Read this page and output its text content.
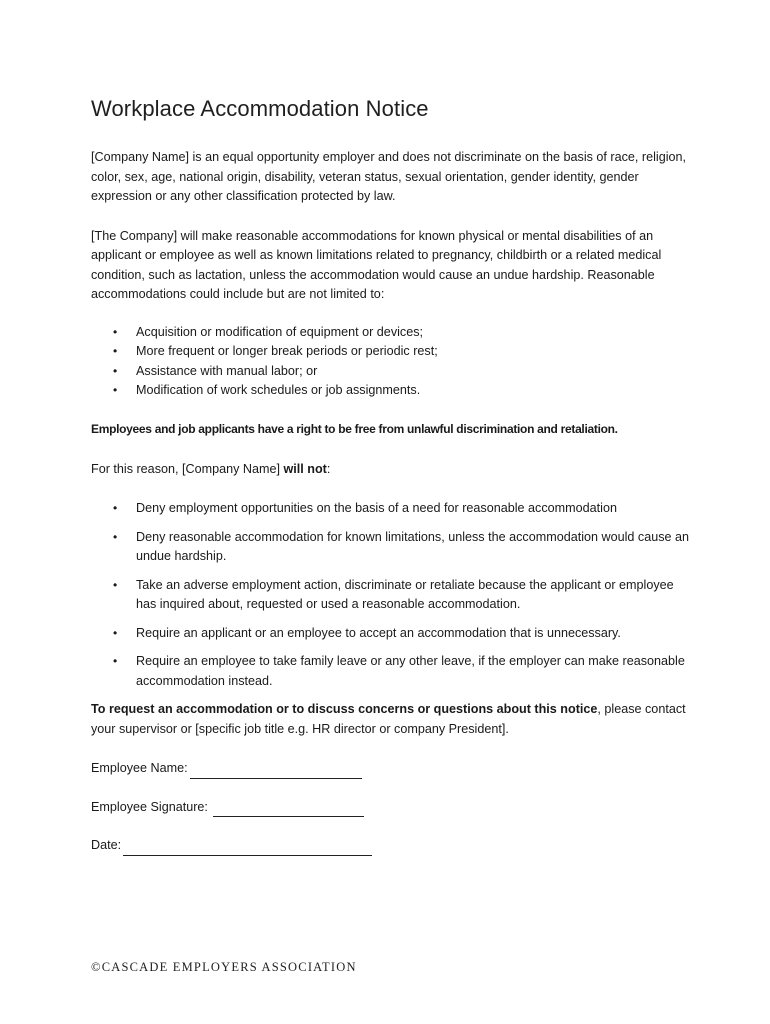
Workplace Accommodation Notice

[Company Name] is an equal opportunity employer and does not discriminate on the basis of race, religion, color, sex, age, national origin, disability, veteran status, sexual orientation, gender identity, gender expression or any other classification protected by law.

[The Company] will make reasonable accommodations for known physical or mental disabilities of an applicant or employee as well as known limitations related to pregnancy, childbirth or a related medical condition, such as lactation, unless the accommodation would cause an undue hardship. Reasonable accommodations could include but are not limited to:

• Acquisition or modification of equipment or devices;
• More frequent or longer break periods or periodic rest;
• Assistance with manual labor; or
• Modification of work schedules or job assignments.

Employees and job applicants have a right to be free from unlawful discrimination and retaliation.

For this reason, [Company Name] will not:

• Deny employment opportunities on the basis of a need for reasonable accommodation
• Deny reasonable accommodation for known limitations, unless the accommodation would cause an undue hardship.
• Take an adverse employment action, discriminate or retaliate because the applicant or employee has inquired about, requested or used a reasonable accommodation.
• Require an applicant or an employee to accept an accommodation that is unnecessary.
• Require an employee to take family leave or any other leave, if the employer can make reasonable accommodation instead.

To request an accommodation or to discuss concerns or questions about this notice, please contact your supervisor or [specific job title e.g. HR director or company President].

Employee Name:
Employee Signature:
Date:
©CASCADE EMPLOYERS ASSOCIATION
